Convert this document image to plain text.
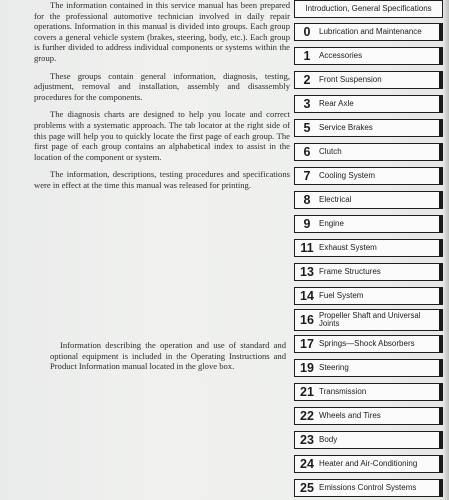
The information contained in this service manual has been prepared for the professional automotive technician involved in daily repair operations. Information in this manual is divided into groups. Each group covers a general vehicle system (brakes, steering, body, etc.). Each group is further divided to address individual components or systems within the group.

These groups contain general information, diagnosis, testing, adjustment, removal and installation, assembly and disassembly procedures for the components.

The diagnosis charts are designed to help you locate and correct problems with a systematic approach. The tab locator at the right side of this page will help you to quickly locate the first page of each group. The first page of each group contains an alphabetical index to assist in the location of the component or system.

The information, descriptions, testing procedures and specifications were in effect at the time this manual was released for printing.

Information describing the operation and use of standard and optional equipment is included in the Operating Instructions and Product Information manual located in the glove box.

Introduction, General Specifications
0	Lubrication and Maintenance
1	Accessories
2	Front Suspension
3	Rear Axle
5	Service Brakes
6	Clutch
7	Cooling System
8	Electrical
9	Engine
11 Exhaust System
13 Frame Structures
14 Fuel System
16 Propeller Shaft and Universal Joints
17 Springs—Shock Absorbers
19 Steering
21 Transmission
22 Wheels and Tires
23 Body
24 Heater and Air-Conditioning
25 Emissions Control Systems
